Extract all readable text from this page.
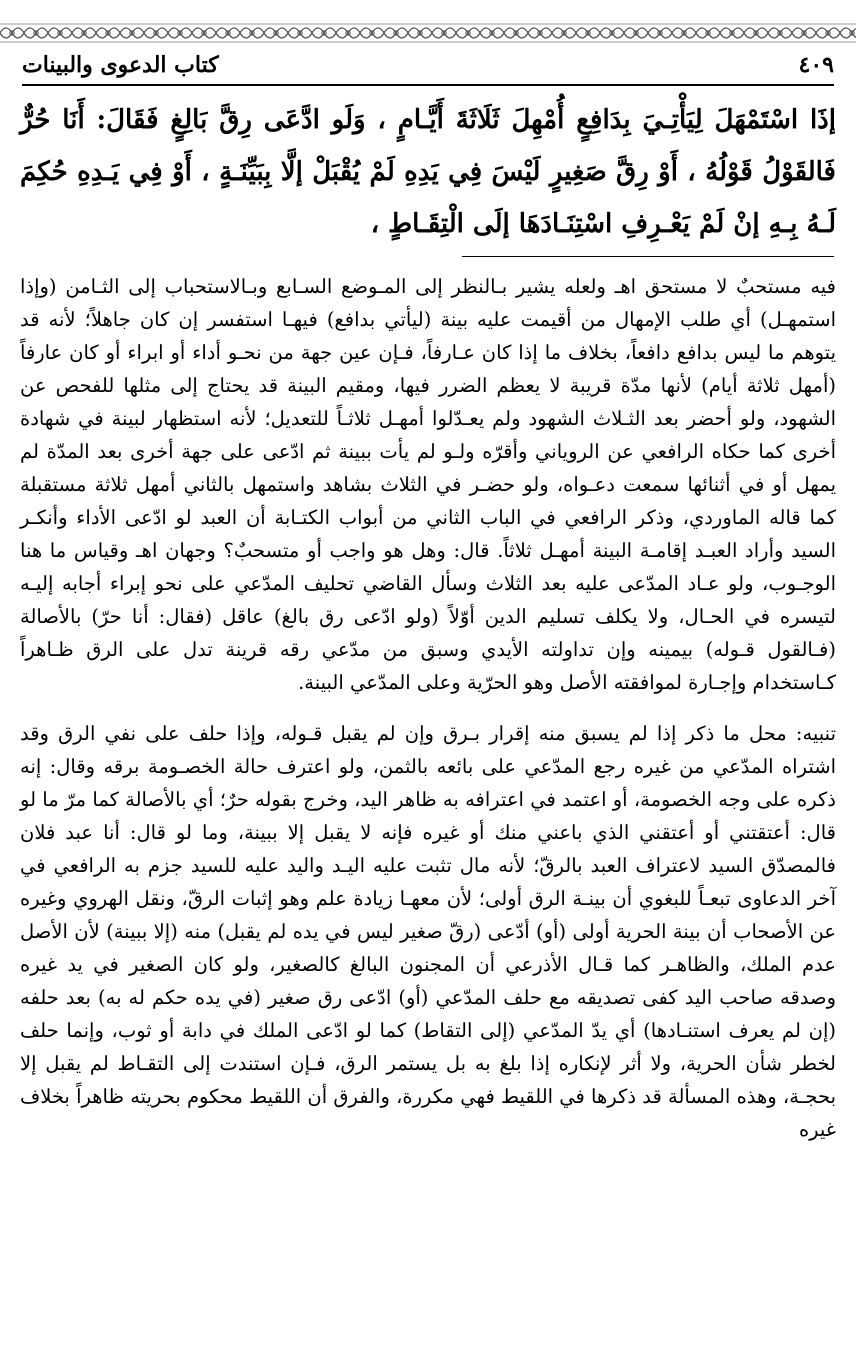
كتاب الدعوى والبينات	٤٠٩

إذَا اسْتَمْهَلَ لِيَأْتِـيَ بِدَافِعٍ أُمْهِلَ ثَلَاثَةَ أَيَّـامٍ ، وَلَو ادَّعَى رِقَّ بَالِغٍ فَقَالَ: أَنَا حُرٌّ فَالقَوْلُ قَوْلُهُ ، أَوْ رِقَّ صَغِيرٍ لَيْسَ فِي يَدِهِ لَمْ يُقْبَلْ إلَّا بِبَيِّنَـةٍ ، أَوْ فِي يَـدِهِ حُكِمَ لَـهُ بِـهِ إنْ لَمْ يَعْـرِفِ اسْتِنَـادَهَا إلَى الْتِقَـاطٍ ،

فيه مستحبٌ لا مستحق اهـ ولعله يشير بـالنظر إلى المـوضع السـابع وبـالاستحباب إلى الثـامن (وإذا استمهـل) أي طلب الإمهال من أقيمت عليه بينة (ليأتي بدافع) فيهـا استفسر إن كان جاهلاً؛ لأنه قد يتوهم ما ليس بدافع دافعاً، بخلاف ما إذا كان عـارفاً، فـإن عين جهة من نحـو أداء أو ابراء أو كان عارفاً (أمهل ثلاثة أيام) لأنها مدّة قريبة لا يعظم الضرر فيها، ومقيم البينة قد يحتاج إلى مثلها للفحص عن الشهود، ولو أحضر بعد الثـلاث الشهود ولم يعـدّلوا أمهـل ثلاثـاً للتعديل؛ لأنه استظهار لبينة في شهادة أخرى كما حكاه الرافعي عن الروياني وأقرّه ولـو لم يأت ببينة ثم ادّعى على جهة أخرى بعد المدّة لم يمهل أو في أثنائها سمعت دعـواه، ولو حضـر في الثلاث بشاهد واستمهل بالثاني أمهل ثلاثة مستقبلة كما قاله الماوردي، وذكر الرافعي في الباب الثاني من أبواب الكتـابة أن العبد لو ادّعى الأداء وأنكـر السيد وأراد العبـد إقامـة البينة أمهـل ثلاثاً. قال: وهل هو واجب أو متسحبٌ؟ وجهان اهـ وقياس ما هنا الوجـوب، ولو عـاد المدّعى عليه بعد الثلاث وسأل القاضي تحليف المدّعي على نحو إبراء أجابه إليـه لتيسره في الحـال، ولا يكلف تسليم الدين أوّلاً (ولو ادّعى رق بالغ) عاقل (فقال: أنا حرّ) بالأصالة (فـالقول قـوله) بيمينه وإن تداولته الأيدي وسبق من مدّعي رقه قرينة تدل على الرق ظـاهراً كـاستخدام وإجـارة لموافقته الأصل وهو الحرّية وعلى المدّعي البينة.

تنبيه: محل ما ذكر إذا لم يسبق منه إقرار بـرق وإن لم يقبل قـوله، وإذا حلف على نفي الرق وقد اشتراه المدّعي من غيره رجع المدّعي على بائعه بالثمن، ولو اعترف حالة الخصـومة برقه وقال: إنه ذكره على وجه الخصومة، أو اعتمد في اعترافه به ظاهر اليد، وخرج بقوله حرٌ؛ أي بالأصالة كما مرّ ما لو قال: أعتقتني أو أعتقني الذي باعني منك أو غيره فإنه لا يقبل إلا ببينة، وما لو قال: أنا عبد فلان فالمصدّق السيد لاعتراف العبد بالرقّ؛ لأنه مال تثبت عليه اليـد واليد عليه للسيد جزم به الرافعي في آخر الدعاوى تبعـاً للبغوي أن بينـة الرق أولى؛ لأن معهـا زيادة علم وهو إثبات الرقّ، ونقل الهروي وغيره عن الأصحاب أن بينة الحرية أولى (أو) أدّعى (رقّ صغير ليس في يده لم يقبل) منه (إلا ببينة) لأن الأصل عدم الملك، والظاهـر كما قـال الأذرعي أن المجنون البالغ كالصغير، ولو كان الصغير في يد غيره وصدقه صاحب اليد كفى تصديقه مع حلف المدّعي (أو) ادّعى رق صغير (في يده حكم له به) بعد حلفه (إن لم يعرف استنـادها) أي يدّ المدّعي (إلى التقاط) كما لو ادّعى الملك في دابة أو ثوب، وإنما حلف لخطر شأن الحرية، ولا أثر لإنكاره إذا بلغ به بل يستمر الرق، فـإن استندت إلى التقـاط لم يقبل إلا بحجـة، وهذه المسألة قد ذكرها في اللقيط فهي مكررة، والفرق أن اللقيط محكوم بحريته ظاهراً بخلاف غيره
